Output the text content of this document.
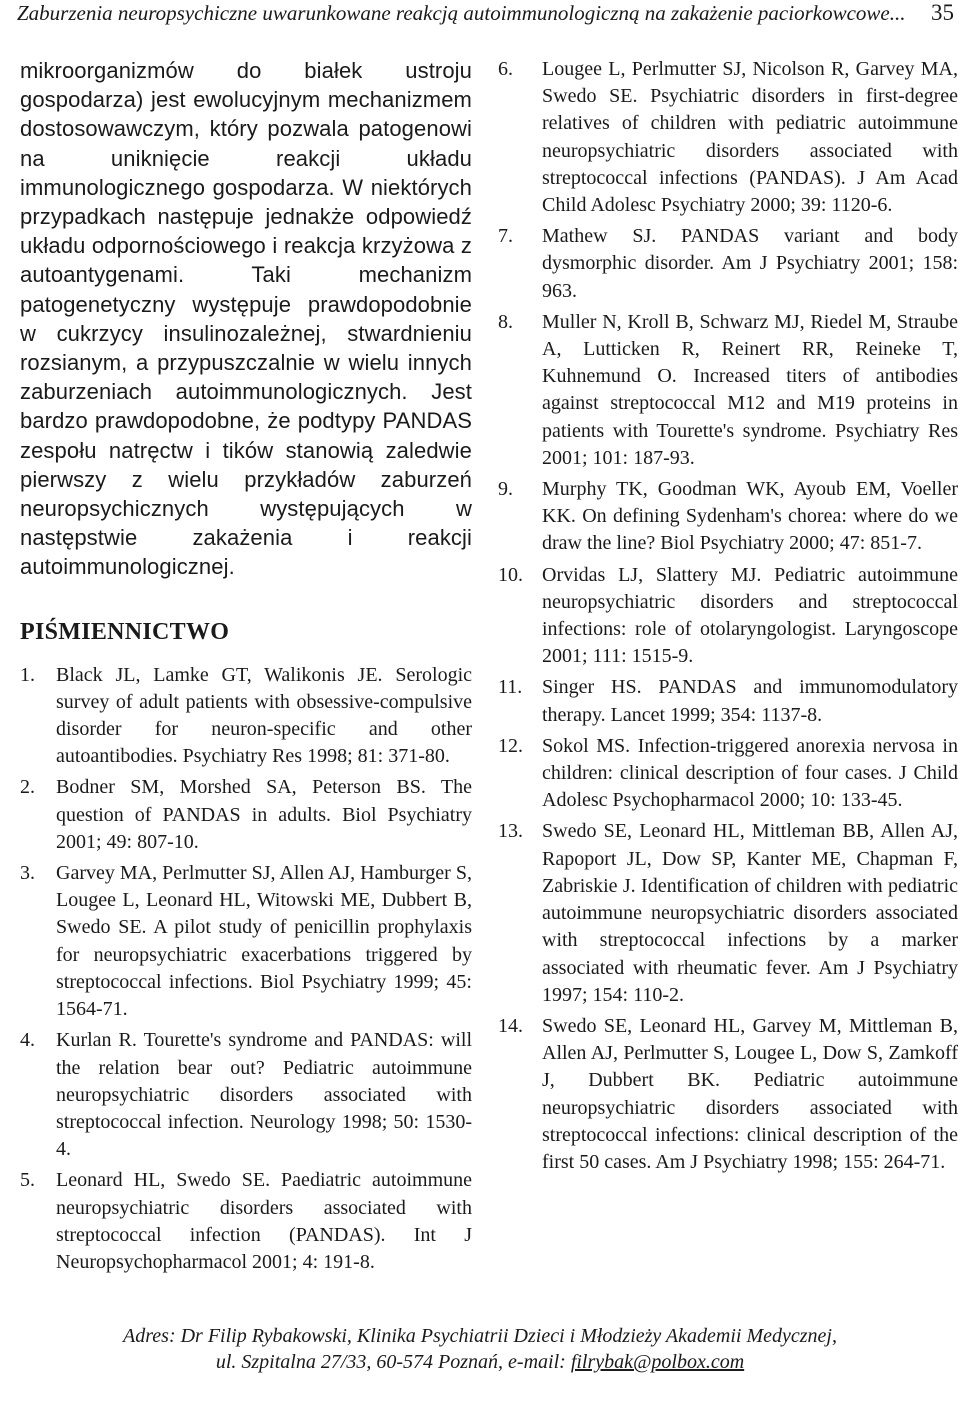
Zaburzenia neuropsychiczne uwarunkowane reakcją autoimmunologiczną na zakażenie paciorkowcowe... 35

mikroorganizmów do białek ustroju gospodarza) jest ewolucyjnym mechanizmem dostosowawczym, który pozwala patogenowi na uniknięcie reakcji układu immunologicznego gospodarza. W niektórych przypadkach następuje jednakże odpowiedź układu odpornościowego i reakcja krzyżowa z autoantygenami. Taki mechanizm patogenetyczny występuje prawdopodobnie w cukrzycy insulinozależnej, stwardnieniu rozsianym, a przypuszczalnie w wielu innych zaburzeniach autoimmunologicznych. Jest bardzo prawdopodobne, że podtypy PANDAS zespołu natręctw i tików stanowią zaledwie pierwszy z wielu przykładów zaburzeń neuropsychicznych występujących w następstwie zakażenia i reakcji autoimmunologicznej.

PIŚMIENNICTWO
1. Black JL, Lamke GT, Walikonis JE. Serologic survey of adult patients with obsessive-compulsive disorder for neuron-specific and other autoantibodies. Psychiatry Res 1998; 81: 371-80.
2. Bodner SM, Morshed SA, Peterson BS. The question of PANDAS in adults. Biol Psychiatry 2001; 49: 807-10.
3. Garvey MA, Perlmutter SJ, Allen AJ, Hamburger S, Lougee L, Leonard HL, Witowski ME, Dubbert B, Swedo SE. A pilot study of penicillin prophylaxis for neuropsychiatric exacerbations triggered by streptococcal infections. Biol Psychiatry 1999; 45: 1564-71.
4. Kurlan R. Tourette's syndrome and PANDAS: will the relation bear out? Pediatric autoimmune neuropsychiatric disorders associated with streptococcal infection. Neurology 1998; 50: 1530-4.
5. Leonard HL, Swedo SE. Paediatric autoimmune neuropsychiatric disorders associated with streptococcal infection (PANDAS). Int J Neuropsychopharmacol 2001; 4: 191-8.
6. Lougee L, Perlmutter SJ, Nicolson R, Garvey MA, Swedo SE. Psychiatric disorders in first-degree relatives of children with pediatric autoimmune neuropsychiatric disorders associated with streptococcal infections (PANDAS). J Am Acad Child Adolesc Psychiatry 2000; 39: 1120-6.
7. Mathew SJ. PANDAS variant and body dysmorphic disorder. Am J Psychiatry 2001; 158: 963.
8. Muller N, Kroll B, Schwarz MJ, Riedel M, Straube A, Lutticken R, Reinert RR, Reineke T, Kuhnemund O. Increased titers of antibodies against streptococcal M12 and M19 proteins in patients with Tourette's syndrome. Psychiatry Res 2001; 101: 187-93.
9. Murphy TK, Goodman WK, Ayoub EM, Voeller KK. On defining Sydenham's chorea: where do we draw the line? Biol Psychiatry 2000; 47: 851-7.
10. Orvidas LJ, Slattery MJ. Pediatric autoimmune neuropsychiatric disorders and streptococcal infections: role of otolaryngologist. Laryngoscope 2001; 111: 1515-9.
11. Singer HS. PANDAS and immunomodulatory therapy. Lancet 1999; 354: 1137-8.
12. Sokol MS. Infection-triggered anorexia nervosa in children: clinical description of four cases. J Child Adolesc Psychopharmacol 2000; 10: 133-45.
13. Swedo SE, Leonard HL, Mittleman BB, Allen AJ, Rapoport JL, Dow SP, Kanter ME, Chapman F, Zabriskie J. Identification of children with pediatric autoimmune neuropsychiatric disorders associated with streptococcal infections by a marker associated with rheumatic fever. Am J Psychiatry 1997; 154: 110-2.
14. Swedo SE, Leonard HL, Garvey M, Mittleman B, Allen AJ, Perlmutter S, Lougee L, Dow S, Zamkoff J, Dubbert BK. Pediatric autoimmune neuropsychiatric disorders associated with streptococcal infections: clinical description of the first 50 cases. Am J Psychiatry 1998; 155: 264-71.
Adres: Dr Filip Rybakowski, Klinika Psychiatrii Dzieci i Młodzieży Akademii Medycznej,
ul. Szpitalna 27/33, 60-574 Poznań, e-mail: filrybak@polbox.com
